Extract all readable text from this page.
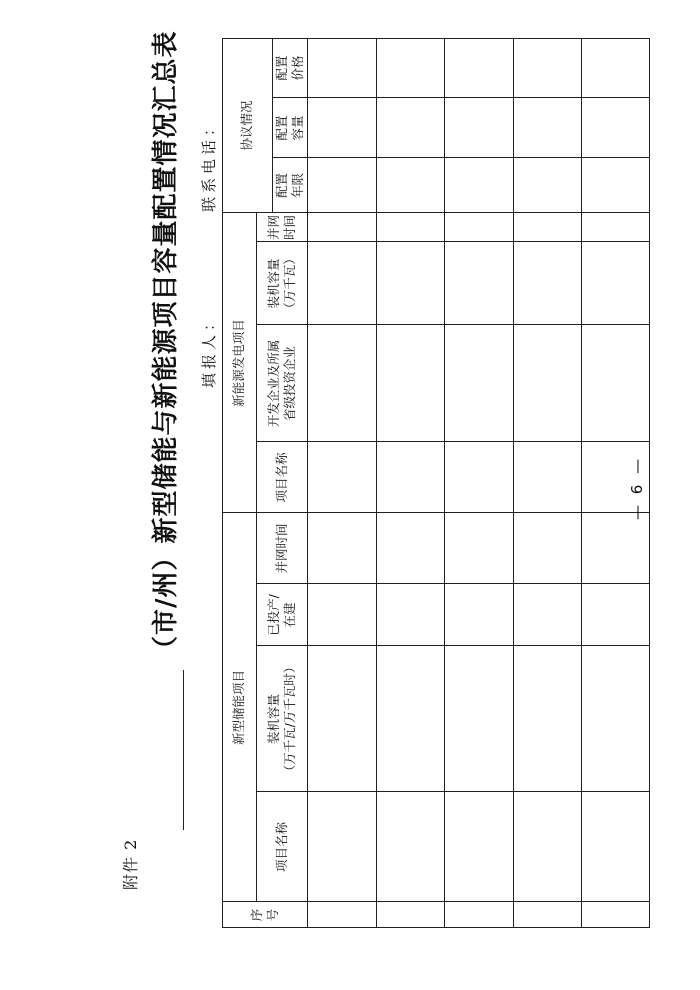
附件 2
（市/州）新型储能与新能源项目容量配置情况汇总表 填报人：
联系电话：
序号
新型储能项目
新能源发电项目
协议情况
项目名称
装机容量 （万千瓦/万千瓦时）
已投产/ 在建
并网时间
项目名称
开发企业及所属 省级投资企业
装机容量 （万千瓦）
并网 时间
配置 年限
配置 容量
配置 价格
— 6 —
